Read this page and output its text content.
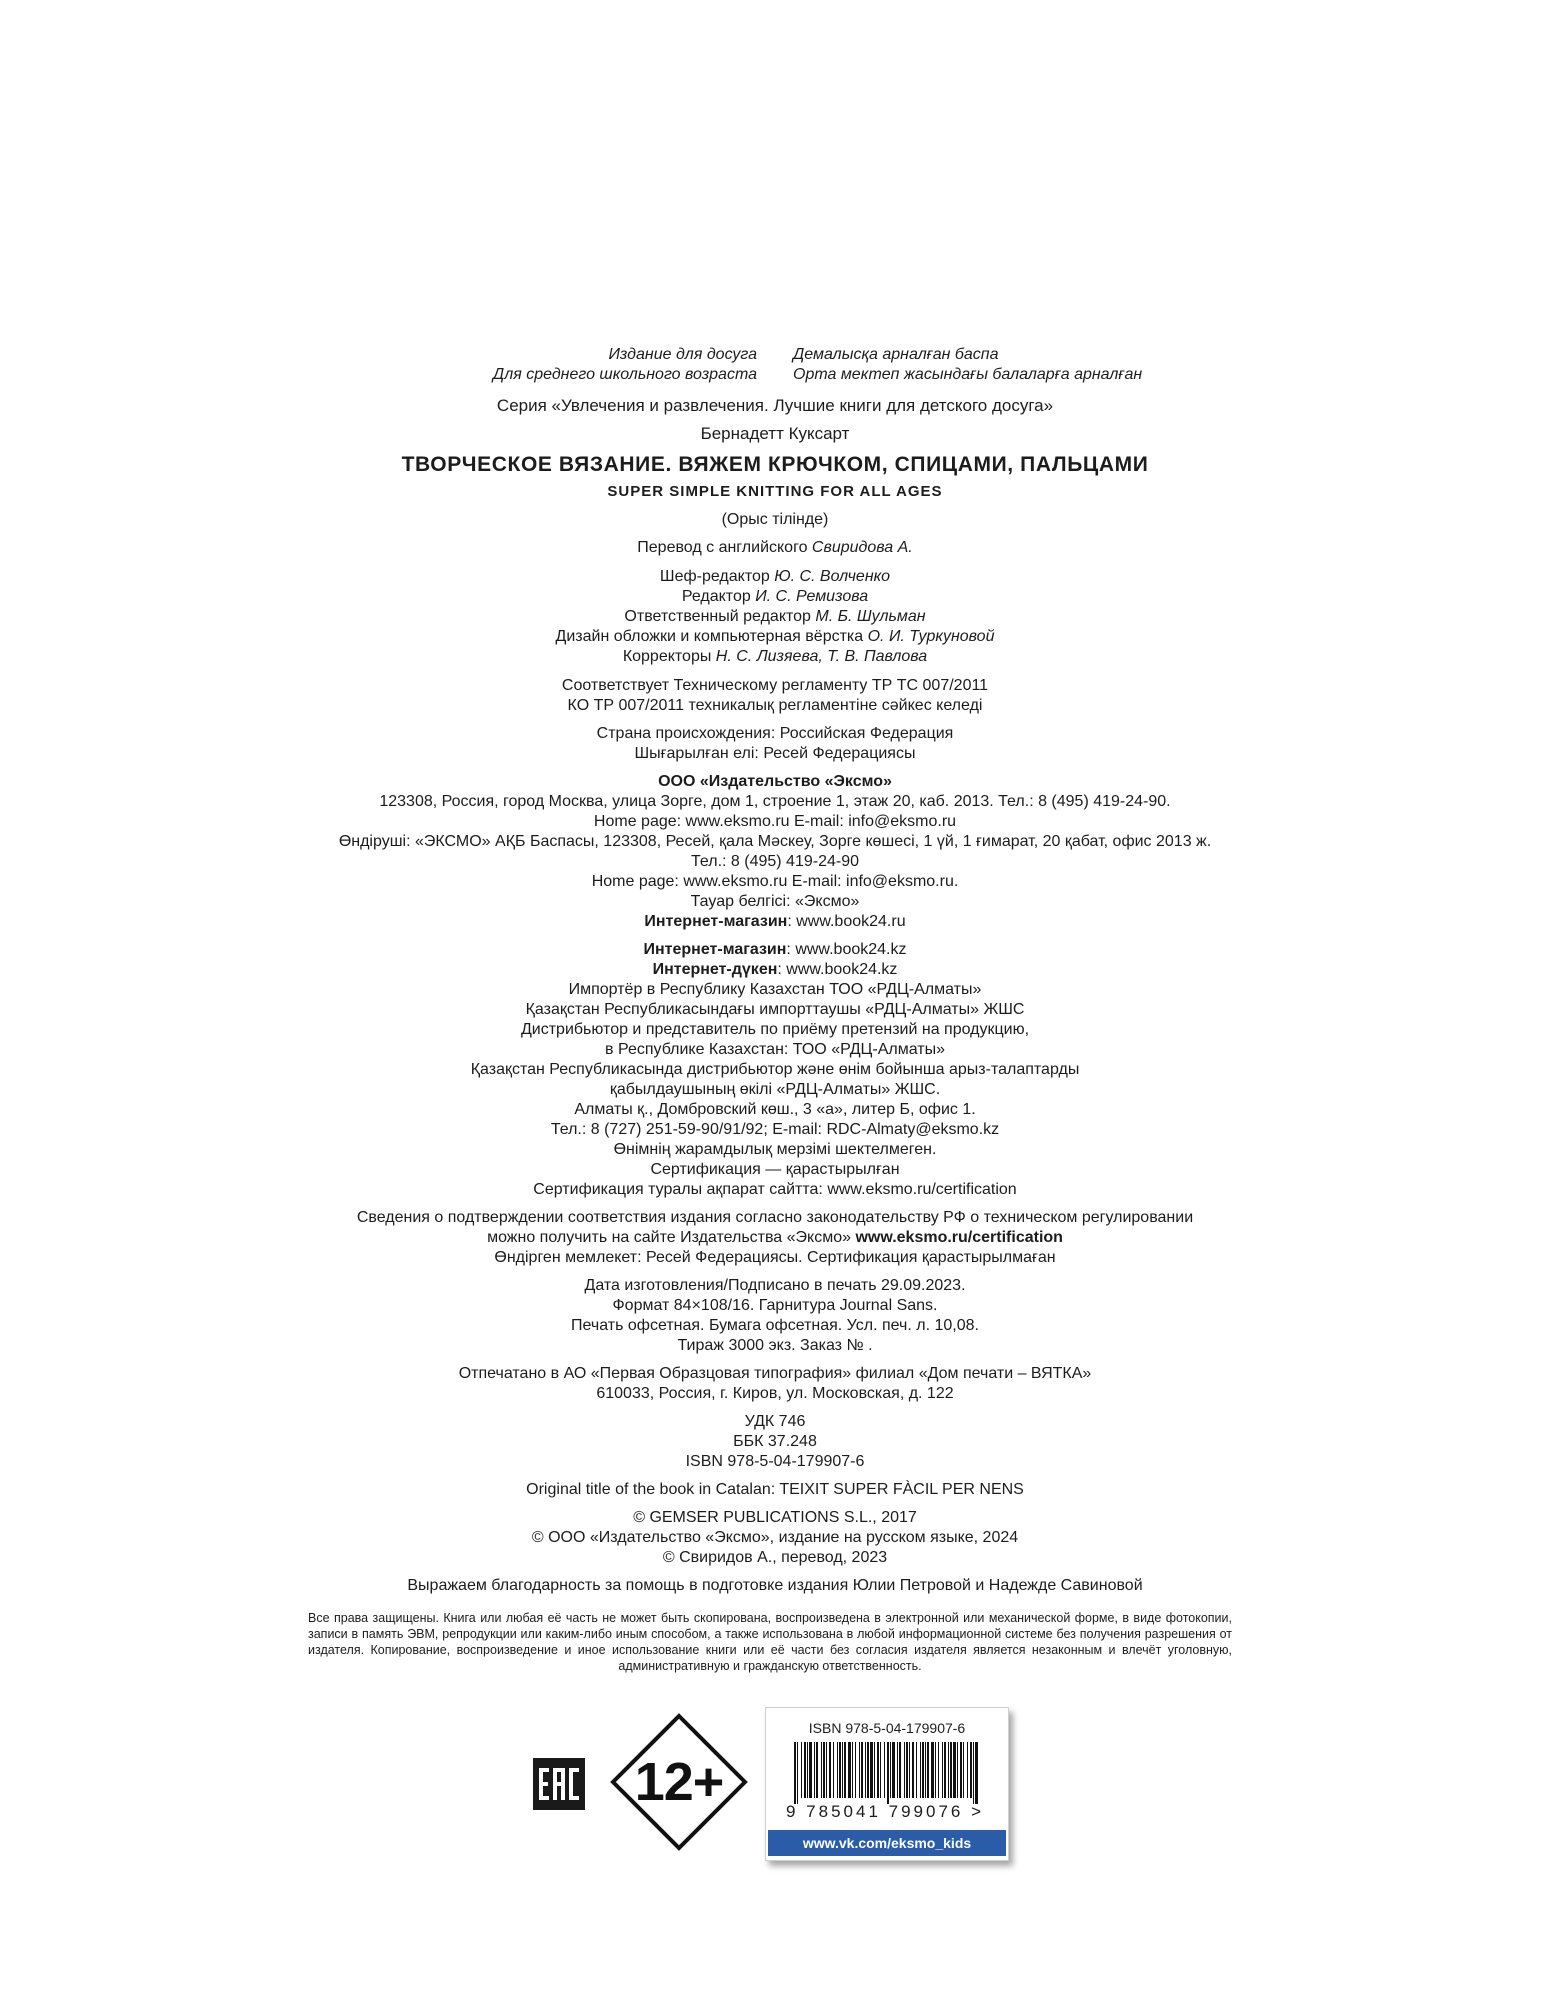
Издание для досуга
Для среднего школьного возраста
Демалысқа арналған баспа
Орта мектеп жасындағы балаларға арналған
Серия «Увлечения и развлечения. Лучшие книги для детского досуга»
Бернадетт Куксарт
ТВОРЧЕСКОЕ ВЯЗАНИЕ. ВЯЖЕМ КРЮЧКОМ, СПИЦАМИ, ПАЛЬЦАМИ
SUPER SIMPLE KNITTING FOR ALL AGES
(Орыс тілінде)
Перевод с английского Свиридова А.
Шеф-редактор Ю. С. Волченко
Редактор И. С. Ремизова
Ответственный редактор М. Б. Шульман
Дизайн обложки и компьютерная вёрстка О. И. Туркуновой
Корректоры Н. С. Лизяева, Т. В. Павлова
Соответствует Техническому регламенту ТР ТС 007/2011
КО ТР 007/2011 техникалық регламентіне сәйкес келеді
Страна происхождения: Российская Федерация
Шығарылған елі: Ресей Федерациясы
ООО «Издательство «Эксмо»
123308, Россия, город Москва, улица Зорге, дом 1, строение 1, этаж 20, каб. 2013. Тел.: 8 (495) 419-24-90.
Home page: www.eksmo.ru E-mail: info@eksmo.ru
Өндіруші: «ЭКСМО» АҚБ Баспасы, 123308, Ресей, қала Мәскеу, Зорге көшесі, 1 үй, 1 ғимарат, 20 қабат, офис 2013 ж.
Тел.: 8 (495) 419-24-90
Home page: www.eksmo.ru E-mail: info@eksmo.ru.
Тауар белгісі: «Эксмо»
Интернет-магазин: www.book24.ru
Интернет-магазин: www.book24.kz
Интернет-дүкен: www.book24.kz
Импортёр в Республику Казахстан ТОО «РДЦ-Алматы»
Қазақстан Республикасындағы импорттаушы «РДЦ-Алматы» ЖШС
Дистрибьютор и представитель по приёму претензий на продукцию,
в Республике Казахстан: ТОО «РДЦ-Алматы»
Қазақстан Республикасында дистрибьютор және өнім бойынша арыз-талаптарды
қабылдаушының өкілі «РДЦ-Алматы» ЖШС.
Алматы қ., Домбровский көш., 3 «а», литер Б, офис 1.
Тел.: 8 (727) 251-59-90/91/92; E-mail: RDC-Almaty@eksmo.kz
Өнімнің жарамдылық мерзімі шектелмеген.
Сертификация — қарастырылған
Сертификация туралы ақпарат сайтта: www.eksmo.ru/certification
Сведения о подтверждении соответствия издания согласно законодательству РФ о техническом регулировании
можно получить на сайте Издательства «Эксмо» www.eksmo.ru/certification
Өндірген мемлекет: Ресей Федерациясы. Сертификация қарастырылмаған
Дата изготовления/Подписано в печать 29.09.2023.
Формат 84×108/16. Гарнитура Journal Sans.
Печать офсетная. Бумага офсетная. Усл. печ. л. 10,08.
Тираж 3000 экз. Заказ № .
Отпечатано в АО «Первая Образцовая типография» филиал «Дом печати – ВЯТКА»
610033, Россия, г. Киров, ул. Московская, д. 122
УДК 746
ББК 37.248
ISBN 978-5-04-179907-6
Original title of the book in Catalan: TEIXIT SUPER FÀCIL PER NENS
© GEMSER PUBLICATIONS S.L., 2017
© ООО «Издательство «Эксмо», издание на русском языке, 2024
© Свиридов А., перевод, 2023
Выражаем благодарность за помощь в подготовке издания Юлии Петровой и Надежде Савиновой
Все права защищены. Книга или любая её часть не может быть скопирована, воспроизведена в электронной или механической форме, в виде фотокопии, записи в память ЭВМ, репродукции или каким-либо иным способом, а также использована в любой информационной системе без получения разрешения от издателя. Копирование, воспроизведение и иное использование книги или её части без согласия издателя является незаконным и влечёт уголовную, административную и гражданскую ответственность.
12+
ISBN 978-5-04-179907-6
9 785041 799076 >
www.vk.com/eksmo_kids
